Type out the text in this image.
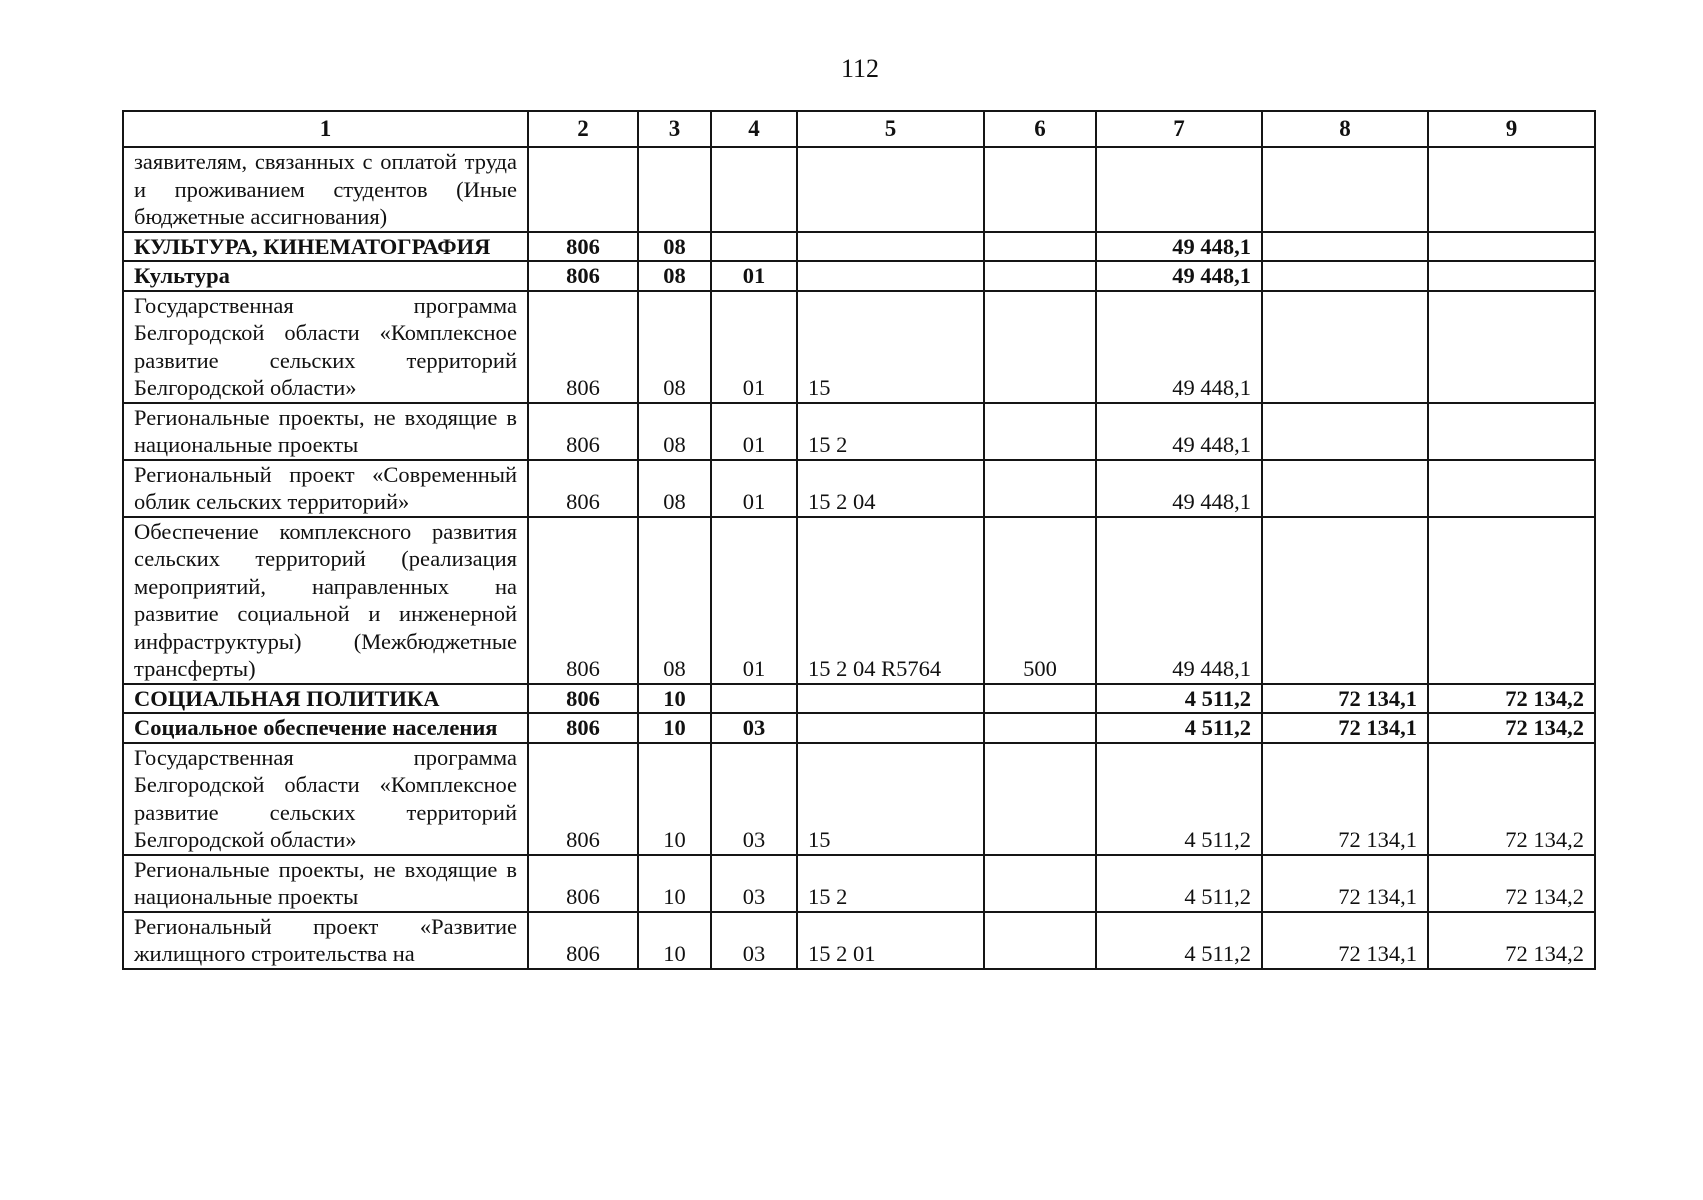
112
1	2	3	4	5	6	7	8	9
заявителям, связанных с оплатой труда и проживанием студентов (Иные бюджетные ассигнования)								
КУЛЬТУРА, КИНЕМАТОГРАФИЯ	806	08				49 448,1		
Культура	806	08	01			49 448,1		
Государственная программа Белгородской области «Комплексное развитие сельских территорий Белгородской области»	806	08	01	15		49 448,1		
Региональные проекты, не входящие в национальные проекты	806	08	01	15 2		49 448,1		
Региональный проект «Современный облик сельских территорий»	806	08	01	15 2 04		49 448,1		
Обеспечение комплексного развития сельских территорий (реализация мероприятий, направленных на развитие социальной и инженерной инфраструктуры) (Межбюджетные трансферты)	806	08	01	15 2 04 R5764	500	49 448,1		
СОЦИАЛЬНАЯ ПОЛИТИКА	806	10				4 511,2	72 134,1	72 134,2
Социальное обеспечение населения	806	10	03			4 511,2	72 134,1	72 134,2
Государственная программа Белгородской области «Комплексное развитие сельских территорий Белгородской области»	806	10	03	15		4 511,2	72 134,1	72 134,2
Региональные проекты, не входящие в национальные проекты	806	10	03	15 2		4 511,2	72 134,1	72 134,2
Региональный проект «Развитие жилищного строительства на	806	10	03	15 2 01		4 511,2	72 134,1	72 134,2
